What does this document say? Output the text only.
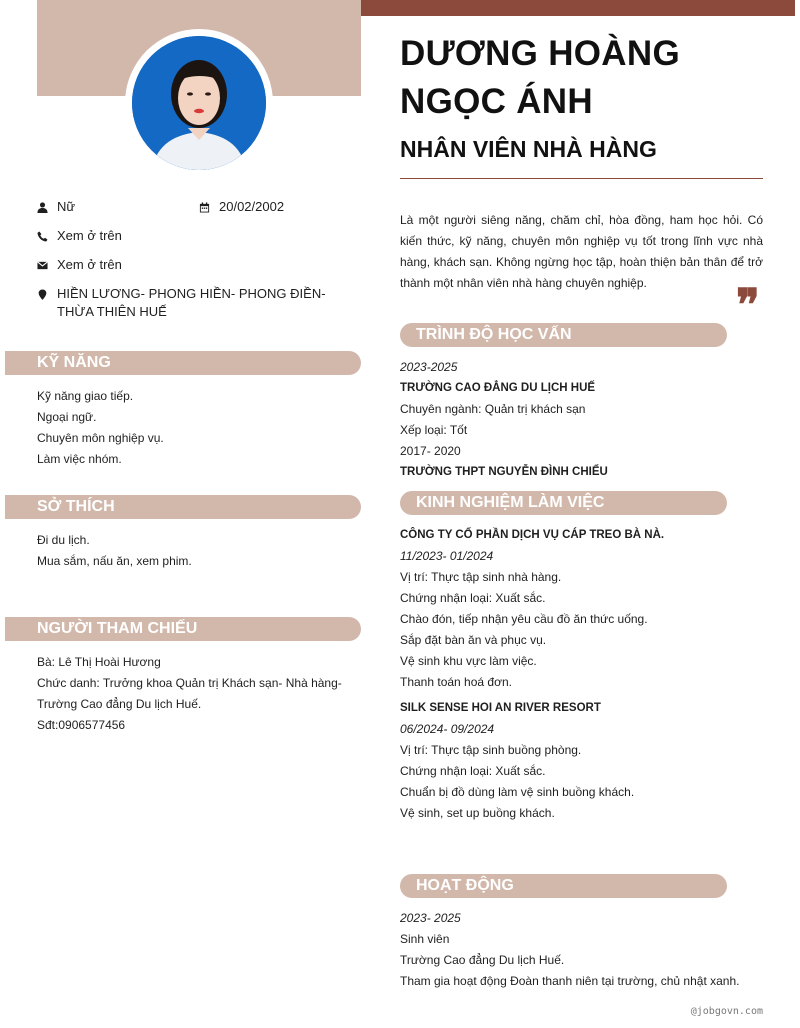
Nữ	20/02/2002
Xem ở trên
Xem ở trên
HIỀN LƯƠNG- PHONG HIỀN- PHONG ĐIỀN- THỪA THIÊN HUẾ
KỸ NĂNG
Kỹ năng giao tiếp.
Ngoại ngữ.
Chuyên môn nghiệp vụ.
Làm việc nhóm.
SỞ THÍCH
Đi du lịch.
Mua sắm, nấu ăn, xem phim.
NGƯỜI THAM CHIẾU
Bà: Lê Thị Hoài Hương
Chức danh: Trưởng khoa Quản trị Khách sạn- Nhà hàng- Trường Cao đẳng Du lịch Huế.
Sđt:0906577456
DƯƠNG HOÀNG
NGỌC ÁNH
NHÂN VIÊN NHÀ HÀNG
Là một người siêng năng, chăm chỉ, hòa đồng, ham học hỏi. Có kiến thức, kỹ năng, chuyên môn nghiệp vụ tốt trong lĩnh vực nhà hàng, khách sạn. Không ngừng học tập, hoàn thiện bản thân để trở thành một nhân viên nhà hàng chuyên nghiệp.	❞
TRÌNH ĐỘ HỌC VẤN
2023-2025
TRƯỜNG CAO ĐẲNG DU LỊCH HUẾ
Chuyên ngành: Quản trị khách sạn
Xếp loại: Tốt
2017- 2020
TRƯỜNG THPT NGUYỄN ĐÌNH CHIỂU
KINH NGHIỆM LÀM VIỆC
CÔNG TY CỔ PHẦN DỊCH VỤ CÁP TREO BÀ NÀ.
11/2023- 01/2024
Vị trí: Thực tập sinh nhà hàng.
Chứng nhận loại: Xuất sắc.
Chào đón, tiếp nhận yêu cầu đồ ăn thức uống.
Sắp đặt bàn ăn và phục vụ.
Vệ sinh khu vực làm việc.
Thanh toán hoá đơn.
SILK SENSE HOI AN RIVER RESORT
06/2024- 09/2024
Vị trí: Thực tập sinh buồng phòng.
Chứng nhận loại: Xuất sắc.
Chuẩn bị đồ dùng làm vệ sinh buồng khách.
Vệ sinh, set up buồng khách.
HOẠT ĐỘNG
2023- 2025
Sinh viên
Trường Cao đẳng Du lịch Huế.
Tham gia hoạt động Đoàn thanh niên tại trường, chủ nhật xanh.
@jobgovn.com
